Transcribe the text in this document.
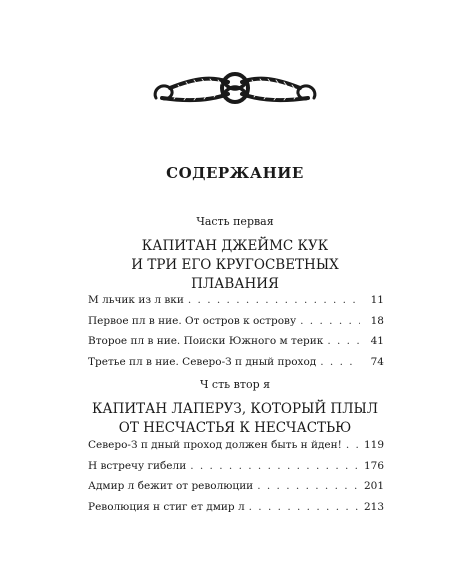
СОДЕРЖАНИЕ
Часть первая
КАПИТАН ДЖЕЙМС КУК
И ТРИ ЕГО КРУГОСВЕТНЫХ
ПЛАВАНИЯ
М льчик из л вки . . .	11
Первое пл в ние. От остров к острову . . .	18
Второе пл в ние. Поиски Южного м терик . . .	41
Третье пл в ние. Северо-З п дный проход . . .	74
Ч сть втор я
КАПИТАН ЛАПЕРУЗ, КОТОРЫЙ ПЛЫЛ
ОТ НЕСЧАСТЬЯ К НЕСЧАСТЬЮ
Северо-З п дный проход должен быть н йден! . . . 119
Н встречу гибели . . .	176
Адмир л бежит от революции . . .	201
Революция н стиг ет дмир л . . .	213
